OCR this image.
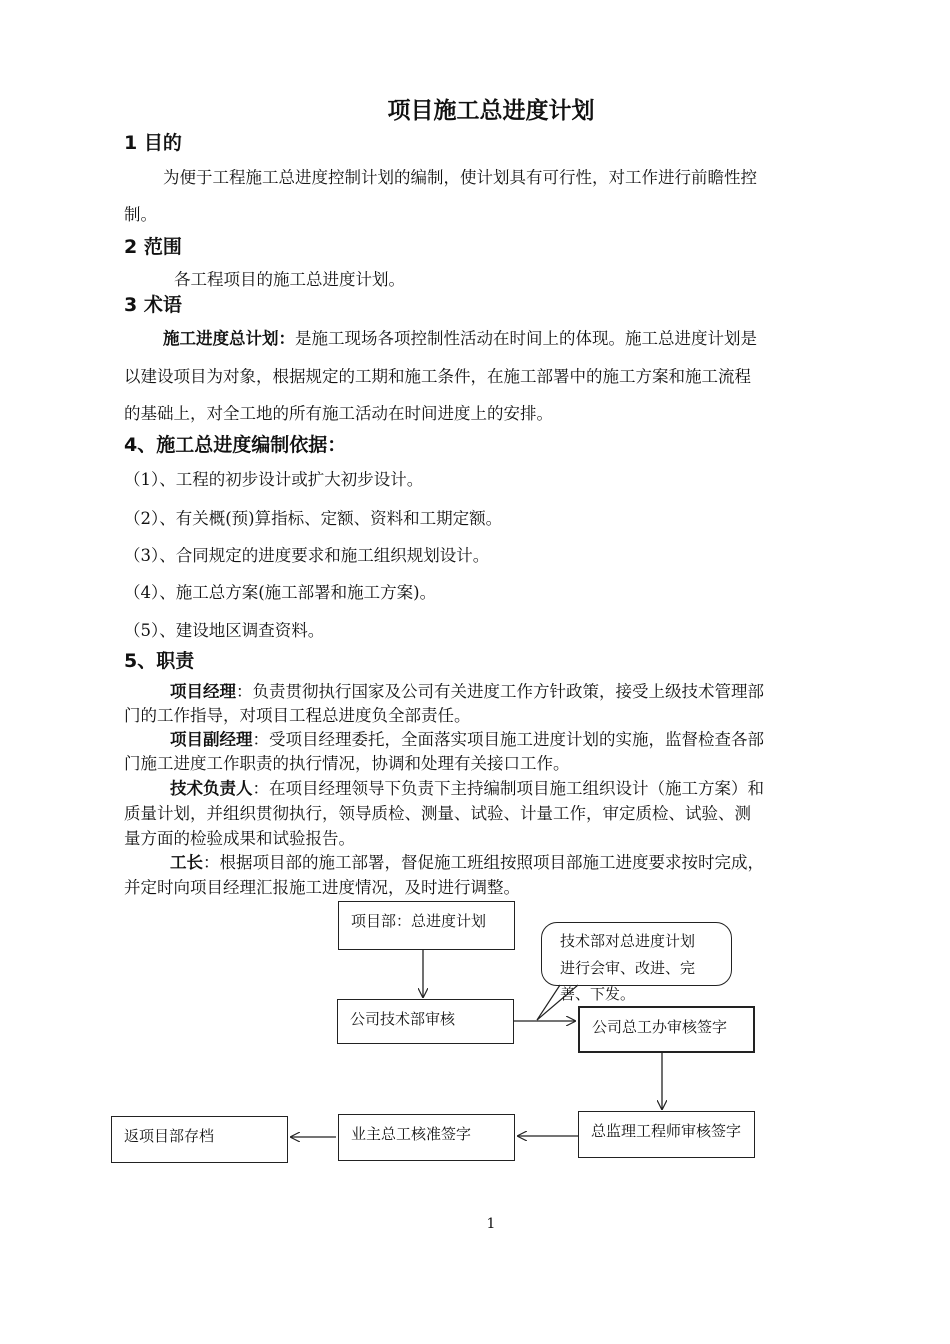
项目施工总进度计划
1 目的
为便于工程施工总进度控制计划的编制，使计划具有可行性，对工作进行前瞻性控
制。
2 范围
各工程项目的施工总进度计划。
3 术语
施工进度总计划：是施工现场各项控制性活动在时间上的体现。施工总进度计划是
以建设项目为对象，根据规定的工期和施工条件，在施工部署中的施工方案和施工流程
的基础上，对全工地的所有施工活动在时间进度上的安排。
4、施工总进度编制依据：
（1）、工程的初步设计或扩大初步设计。
（2）、有关概(预)算指标、定额、资料和工期定额。
（3）、合同规定的进度要求和施工组织规划设计。
（4）、施工总方案(施工部署和施工方案)。
（5）、建设地区调查资料。
5、职责
项目经理：负责贯彻执行国家及公司有关进度工作方针政策，接受上级技术管理部
门的工作指导，对项目工程总进度负全部责任。
项目副经理：受项目经理委托，全面落实项目施工进度计划的实施，监督检查各部
门施工进度工作职责的执行情况，协调和处理有关接口工作。
技术负责人：在项目经理领导下负责下主持编制项目施工组织设计（施工方案）和
质量计划，并组织贯彻执行，领导质检、测量、试验、计量工作，审定质检、试验、测
量方面的检验成果和试验报告。
工长：根据项目部的施工部署，督促施工班组按照项目部施工进度要求按时完成，
并定时向项目经理汇报施工进度情况，及时进行调整。
项目部：总进度计划
技术部对总进度计划
进行会审、改进、完
善、下发。
公司技术部审核	公司总工办审核签字
总监理工程师审核签字
业主总工核准签字
返项目部存档
1
